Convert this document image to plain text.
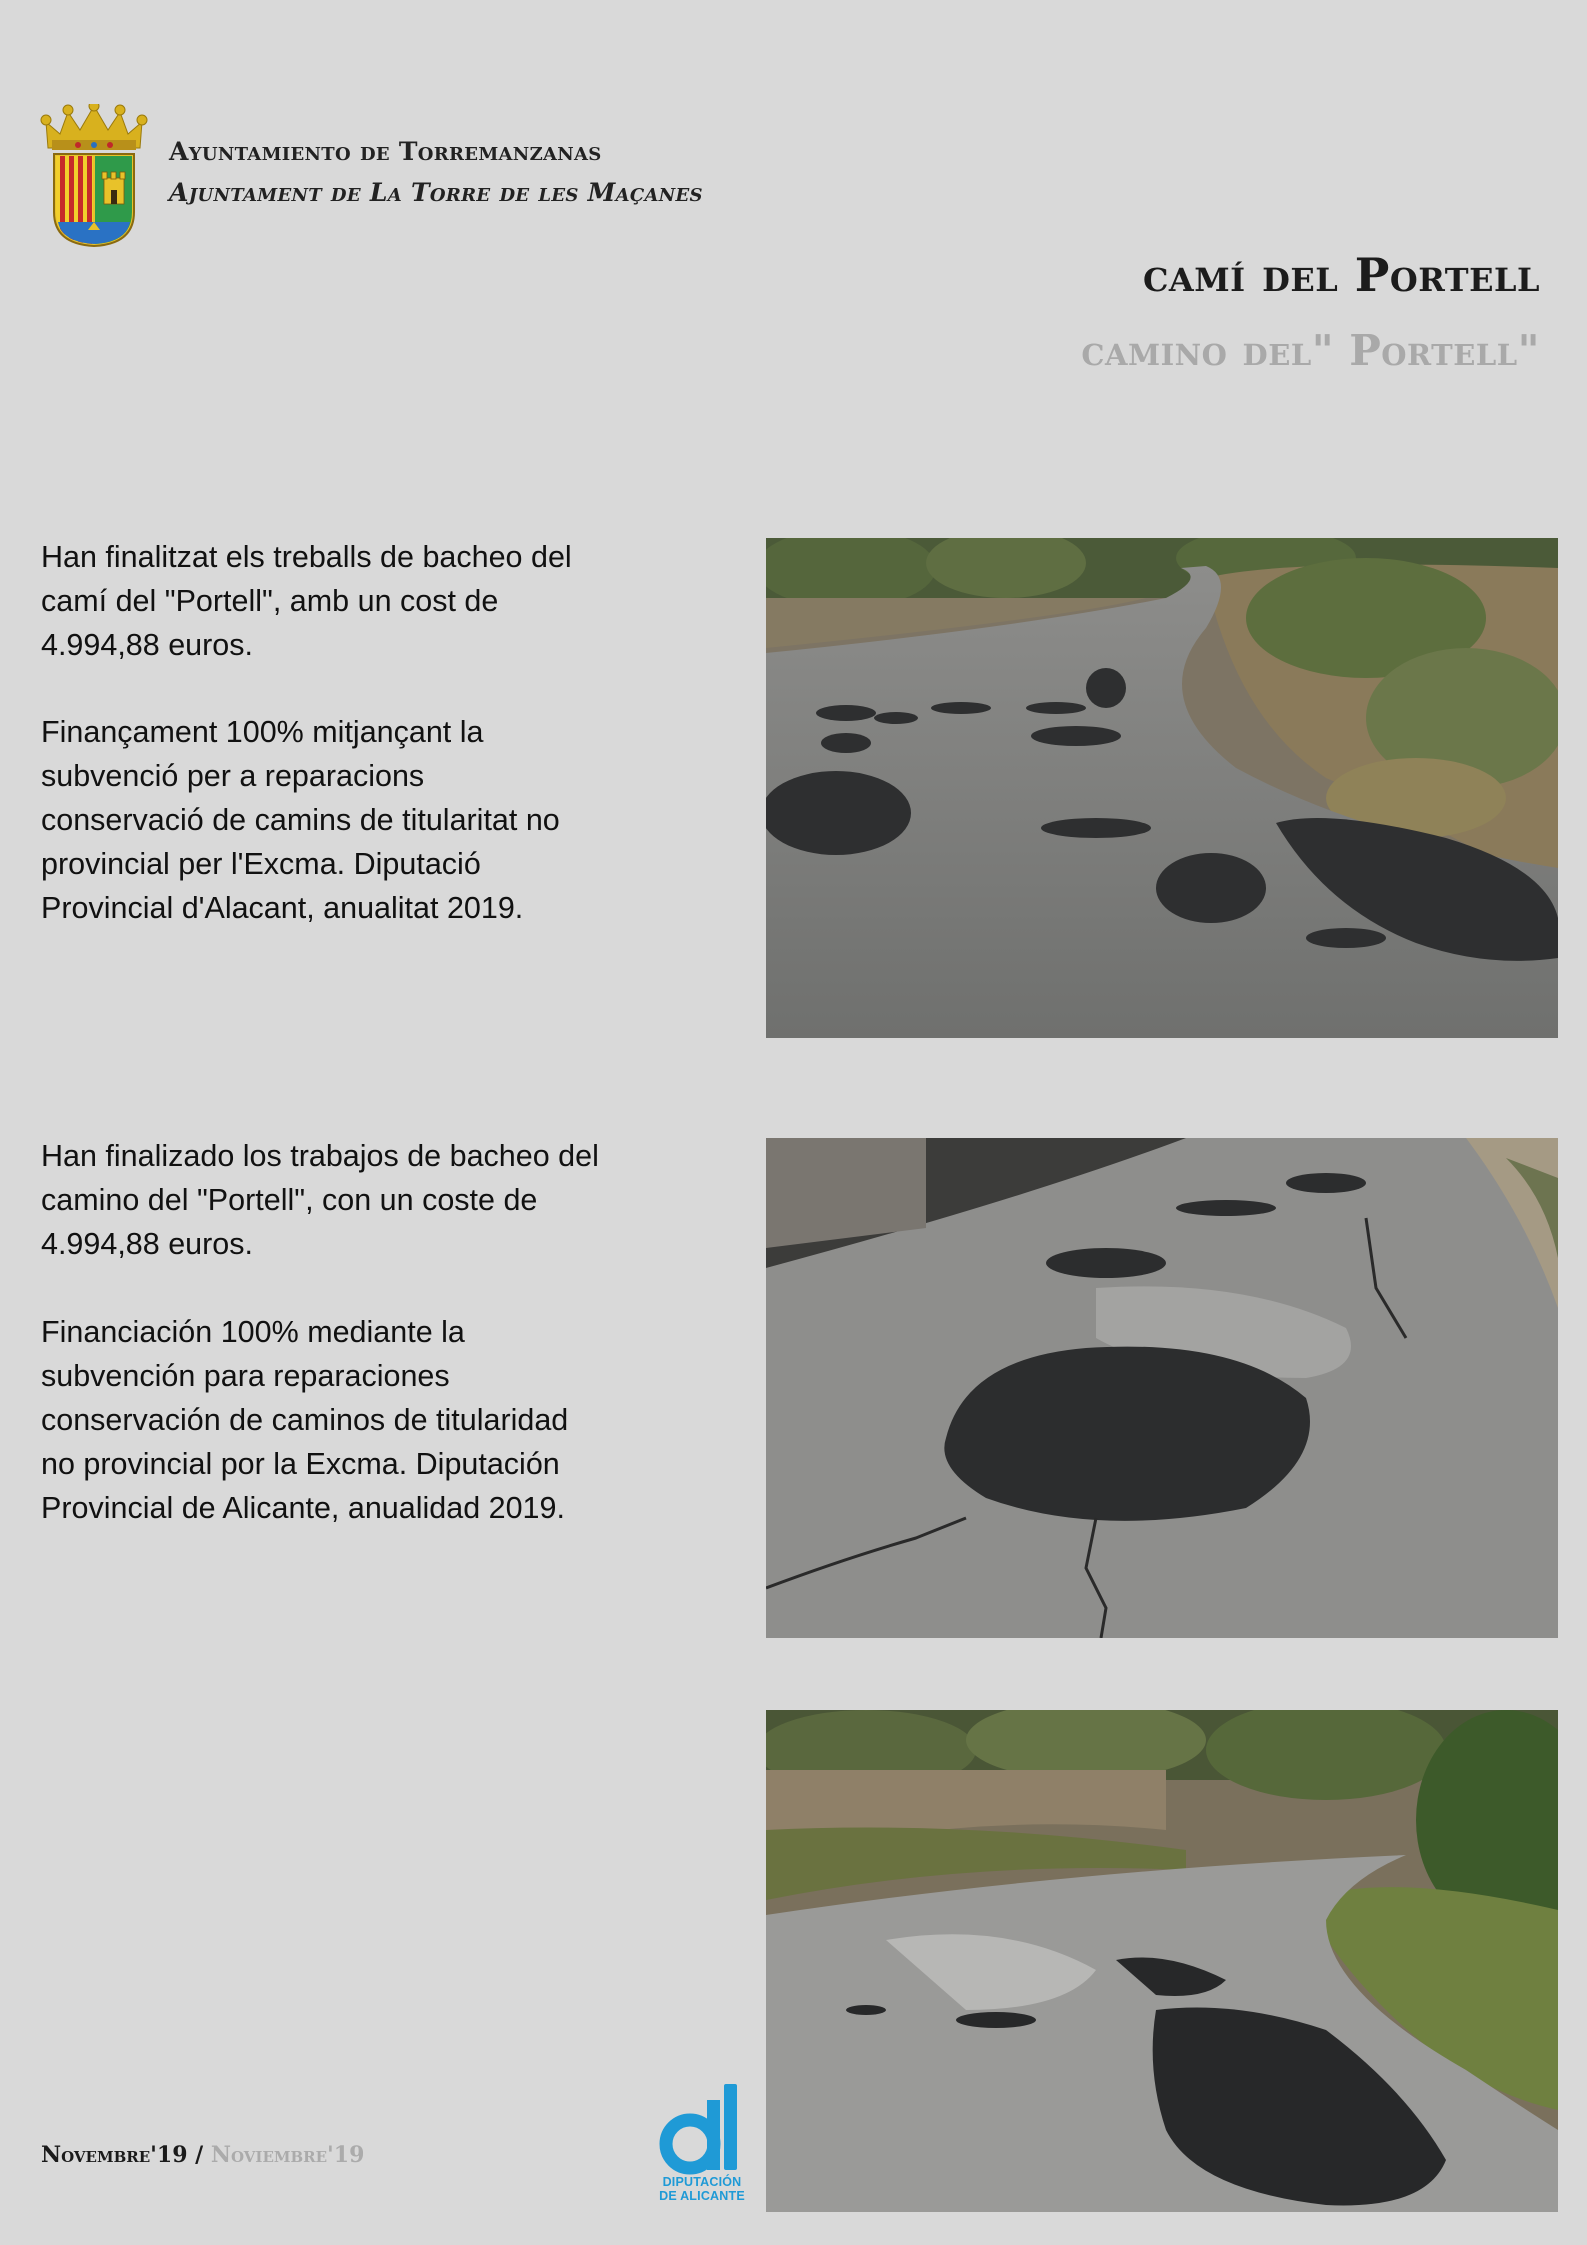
Ayuntamiento de Torremanzanas
Ajuntament de La Torre de les Maçanes
camí del Portell
camino del" Portell"
Han finalitzat els treballs de bacheo del
camí del "Portell", amb un cost de
4.994,88 euros.
Finançament 100% mitjançant la
subvenció per a reparacions
conservació de camins de titularitat no
provincial per l'Excma. Diputació
Provincial d'Alacant, anualitat 2019.
Han finalizado los trabajos de bacheo del
camino del "Portell", con un coste de
4.994,88 euros.
Financiación 100% mediante la
subvención para reparaciones
conservación de caminos de titularidad
no provincial por la Excma. Diputación
Provincial de Alicante, anualidad 2019.
Novembre'19 / Noviembre'19
DIPUTACIÓN
DE ALICANTE
